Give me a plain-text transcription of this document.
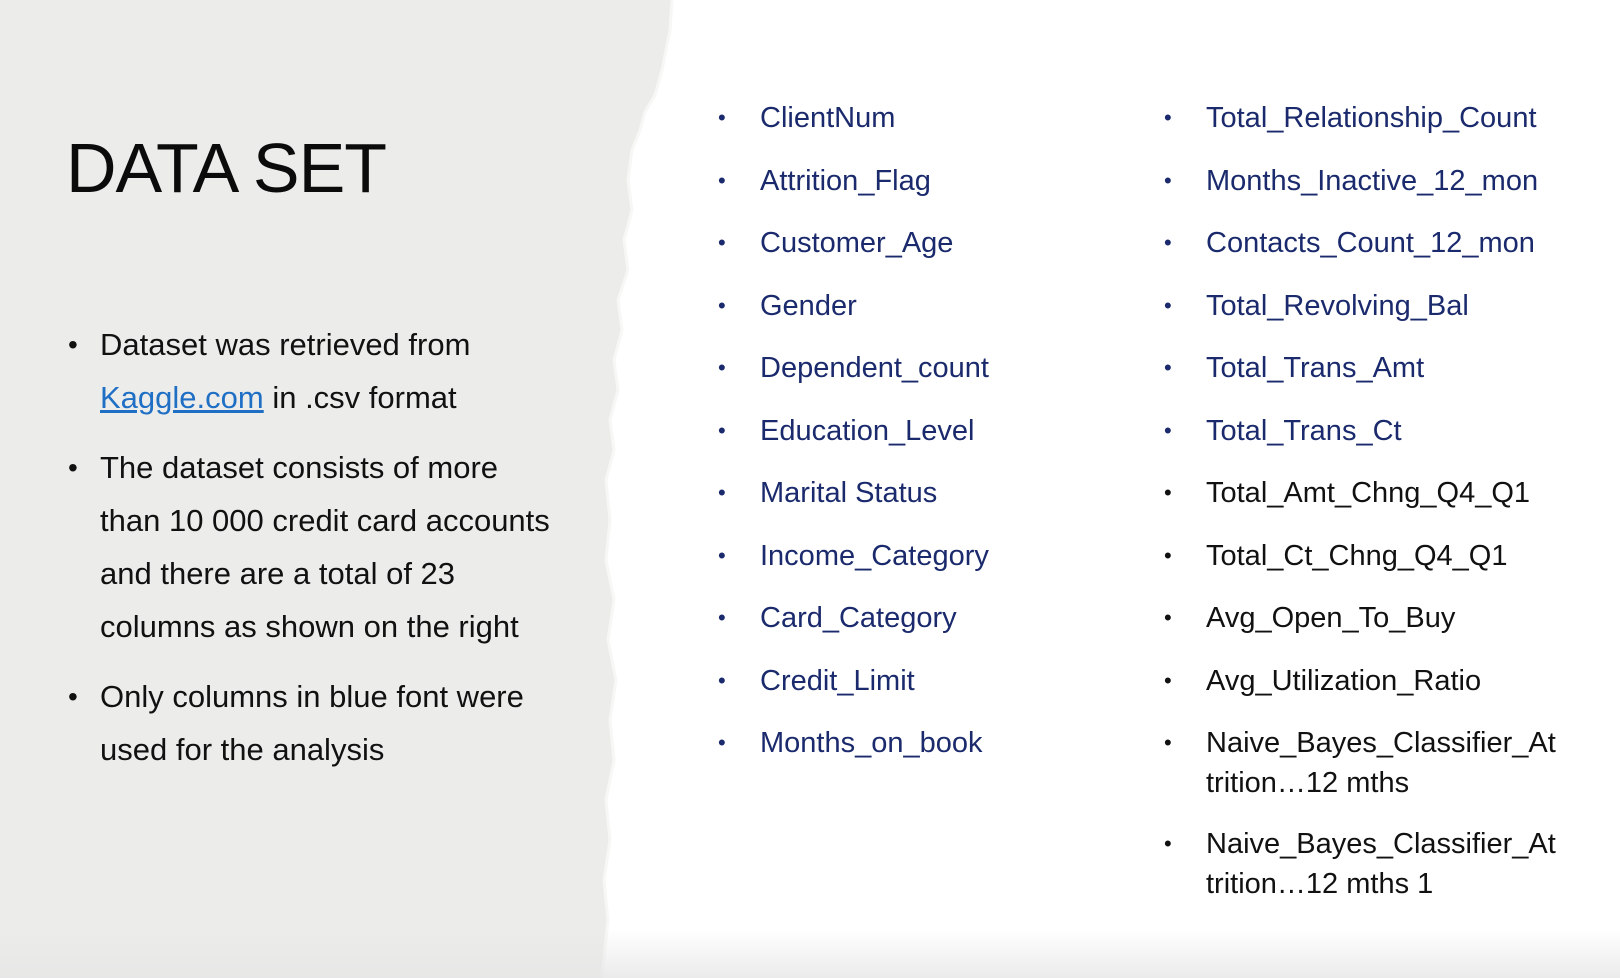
DATA SET
• Dataset was retrieved from
Kaggle.com in .csv format
• The dataset consists of more than 10 000 credit card accounts and there are a total of 23 columns as shown on the right
• Only columns in blue font were used for the analysis
• ClientNum
• Attrition_Flag
• Customer_Age
• Gender
• Dependent_count
• Education_Level
• Marital Status
• Income_Category
• Card_Category
• Credit_Limit
• Months_on_book
• Total_Relationship_Count
• Months_Inactive_12_mon
• Contacts_Count_12_mon
• Total_Revolving_Bal
• Total_Trans_Amt
• Total_Trans_Ct
• Total_Amt_Chng_Q4_Q1
• Total_Ct_Chng_Q4_Q1
• Avg_Open_To_Buy
• Avg_Utilization_Ratio
• Naive_Bayes_Classifier_At trition…12 mths
• Naive_Bayes_Classifier_At trition…12 mths 1
